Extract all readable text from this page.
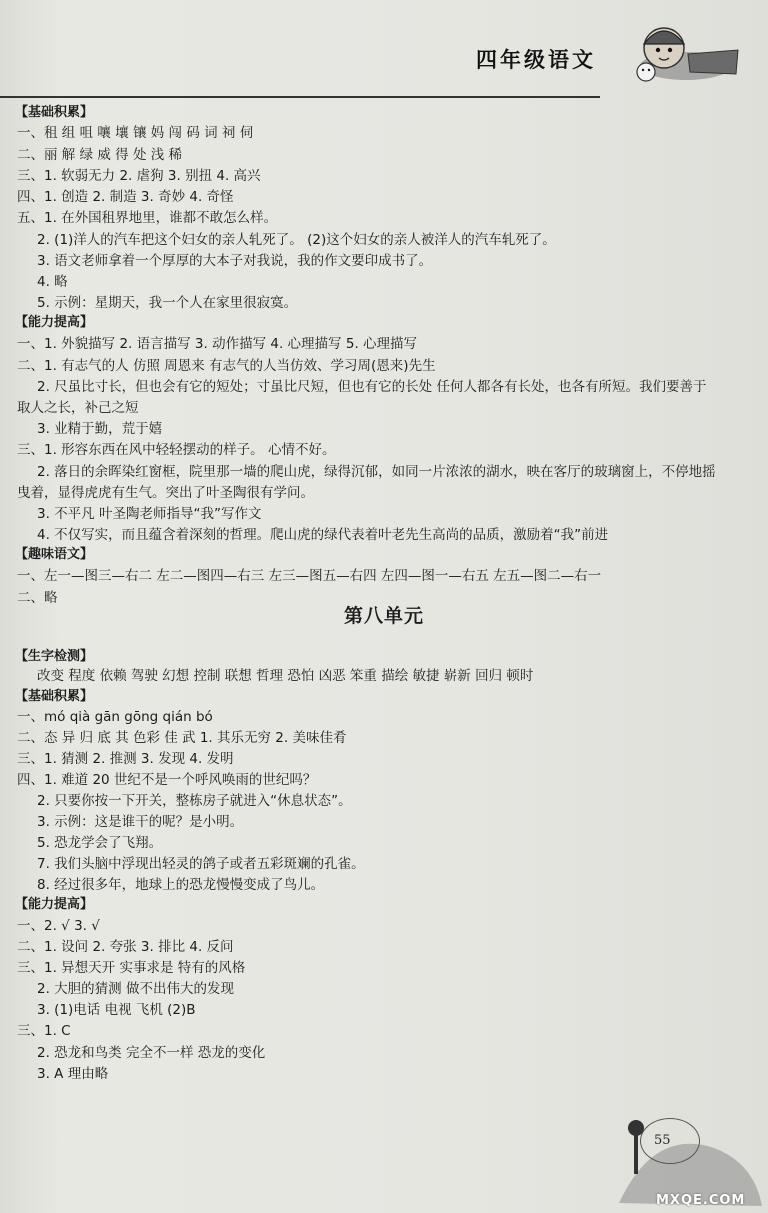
四年级语文
【基础积累】
一、租 组 咀 嚷 壤 镶 妈 闯 码 词 祠 伺
二、丽 解 绿 威 得 处 浅 稀
三、1. 软弱无力 2. 虐狗 3. 别扭 4. 高兴
四、1. 创造 2. 制造 3. 奇妙 4. 奇怪
五、1. 在外国租界地里，谁都不敢怎么样。
2. (1)洋人的汽车把这个妇女的亲人轧死了。 (2)这个妇女的亲人被洋人的汽车轧死了。
3. 语文老师拿着一个厚厚的大本子对我说，我的作文要印成书了。
4. 略
5. 示例：星期天，我一个人在家里很寂寞。
【能力提高】
一、1. 外貌描写 2. 语言描写 3. 动作描写 4. 心理描写 5. 心理描写
二、1. 有志气的人 仿照 周恩来 有志气的人当仿效、学习周(恩来)先生
2. 尺虽比寸长，但也会有它的短处；寸虽比尺短，但也有它的长处 任何人都各有长处，也各有所短。我们要善于
取人之长，补己之短
3. 业精于勤，荒于嬉
三、1. 形容东西在风中轻轻摆动的样子。 心情不好。
2. 落日的余晖染红窗框，院里那一墙的爬山虎，绿得沉郁，如同一片浓浓的湖水，映在客厅的玻璃窗上，不停地摇
曳着，显得虎虎有生气。突出了叶圣陶很有学问。
3. 不平凡 叶圣陶老师指导“我”写作文
4. 不仅写实，而且蕴含着深刻的哲理。爬山虎的绿代表着叶老先生高尚的品质，激励着“我”前进
【趣味语文】
一、左一—图三—右二 左二—图四—右三 左三—图五—右四 左四—图一—右五 左五—图二—右一
二、略
【生字检测】
改变 程度 依赖 驾驶 幻想 控制 联想 哲理 恐怕 凶恶 笨重 描绘 敏捷 崭新 回归 顿时
【基础积累】
一、mó qià gān gōng qián bó
二、态 异 归 底 其 色彩 佳 武 1. 其乐无穷 2. 美味佳肴
三、1. 猜测 2. 推测 3. 发现 4. 发明
四、1. 难道 20 世纪不是一个呼风唤雨的世纪吗？
2. 只要你按一下开关，整栋房子就进入“休息状态”。
3. 示例：这是谁干的呢？是小明。
5. 恐龙学会了飞翔。
7. 我们头脑中浮现出轻灵的鸽子或者五彩斑斓的孔雀。
8. 经过很多年，地球上的恐龙慢慢变成了鸟儿。
【能力提高】
一、2. √ 3. √
二、1. 设问 2. 夸张 3. 排比 4. 反问
三、1. 异想天开 实事求是 特有的风格
2. 大胆的猜测 做不出伟大的发现
3. (1)电话 电视 飞机 (2)B
三、1. C
2. 恐龙和鸟类 完全不一样 恐龙的变化
3. A 理由略
第八单元
55
MXQE.COM
